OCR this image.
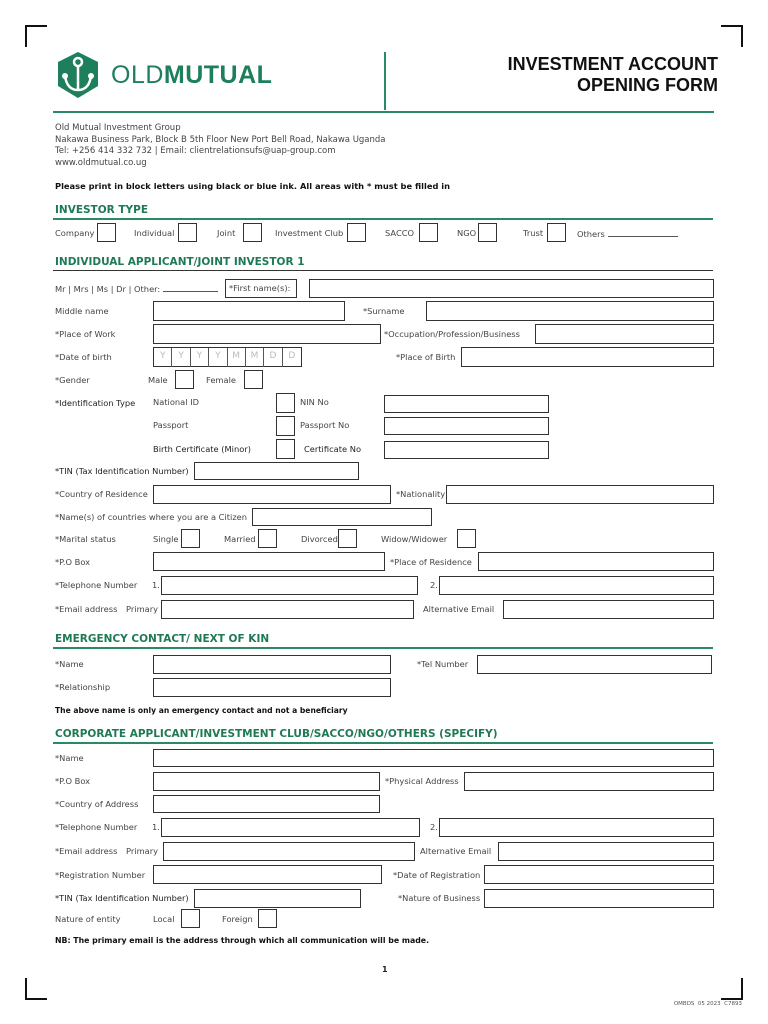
OLDMUTUAL	INVESTMENT ACCOUNT
OPENING FORM
Old Mutual Investment Group
Nakawa Business Park, Block B 5th Floor New Port Bell Road, Nakawa Uganda
Tel: +256 414 332 732 | Email: clientrelationsufs@uap-group.com
www.oldmutual.co.ug
Please print in block letters using black or blue ink. All areas with * must be filled in
INVESTOR TYPE
Company	Individual	Joint	Investment Club	SACCO	NGO	Trust	Others
INDIVIDUAL APPLICANT/JOINT INVESTOR 1
Mr | Mrs | Ms | Dr | Other:	*First name(s):
Middle name	*Surname
*Place of Work	*Occupation/Profession/Business
*Date of birth	Y	Y	Y	Y	M	M	D	D	*Place of Birth
*Gender	Male	Female
*Identification Type National ID	NIN No
Passport	Passport No
Birth Certificate (Minor)	Certificate No
*TIN (Tax Identification Number)
*Country of Residence	*Nationality
*Name(s) of countries where you are a Citizen
*Marital status	Single	Married	Divorced	Widow/Widower
*P.O Box	*Place of Residence
*Telephone Number 1.	2.
*Email address Primary	Alternative Email
EMERGENCY CONTACT/ NEXT OF KIN
*Name	*Tel Number
*Relationship
The above name is only an emergency contact and not a beneficiary
CORPORATE APPLICANT/INVESTMENT CLUB/SACCO/NGO/OTHERS (SPECIFY)
*Name
*P.O Box	*Physical Address
*Country of Address
*Telephone Number 1.	2.
*Email address Primary	Alternative Email
*Registration Number	*Date of Registration
*TIN (Tax Identification Number)	*Nature of Business
Nature of entity	Local	Foreign
NB: The primary email is the address through which all communication will be made.
1
OMBDS  05 2023  C7893
